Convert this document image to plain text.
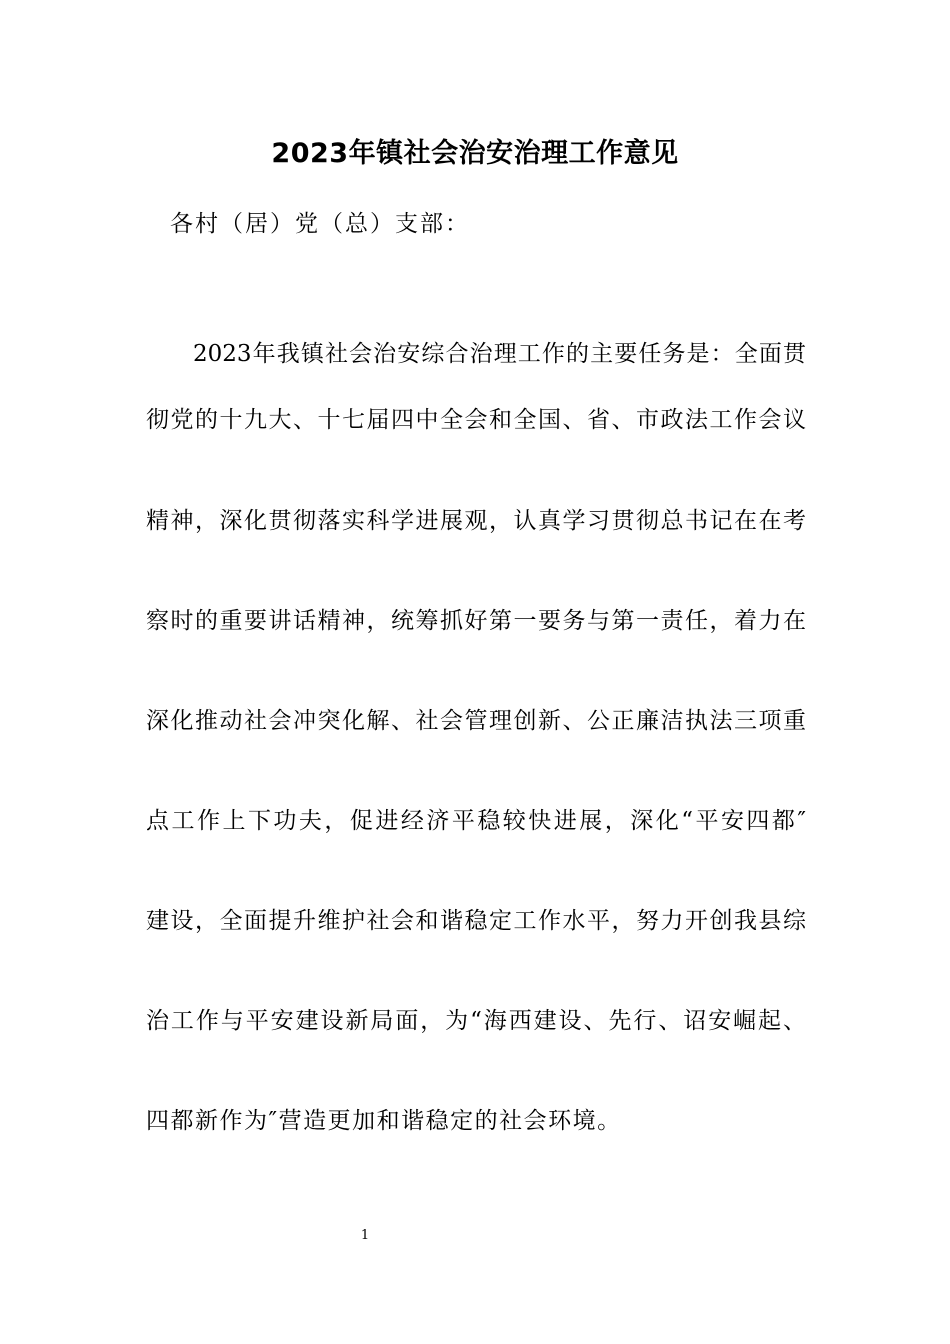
2023年镇社会治安治理工作意见

各村（居）党（总）支部：

2023年我镇社会治安综合治理工作的主要任务是：全面贯

彻党的十九大、十七届四中全会和全国、省、市政法工作会议

精神，深化贯彻落实科学进展观，认真学习贯彻总书记在在考

察时的重要讲话精神，统筹抓好第一要务与第一责任，着力在

深化推动社会冲突化解、社会管理创新、公正廉洁执法三项重

点工作上下功夫，促进经济平稳较快进展，深化“平安四都″

建设，全面提升维护社会和谐稳定工作水平，努力开创我县综

治工作与平安建设新局面，为“海西建设、先行、诏安崛起、

四都新作为″营造更加和谐稳定的社会环境。

1
